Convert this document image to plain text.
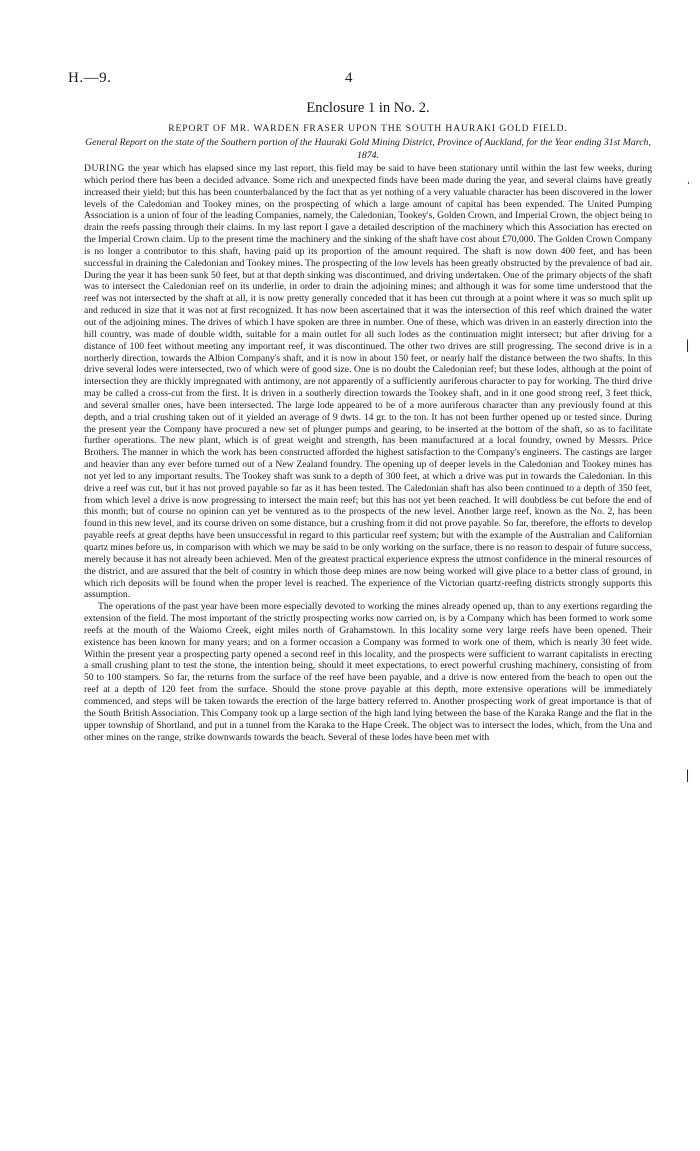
H.—9.	4
Enclosure 1 in No. 2.
REPORT OF MR. WARDEN FRASER UPON THE SOUTH HAURAKI GOLD FIELD.
General Report on the state of the Southern portion of the Hauraki Gold Mining District, Province of Auckland, for the Year ending 31st March, 1874.

DURING the year which has elapsed since my last report, this field may be said to have been stationary until within the last few weeks, during which period there has been a decided advance. Some rich and unexpected finds have been made during the year, and several claims have greatly increased their yield; but this has been counterbalanced by the fact that as yet nothing of a very valuable character has been discovered in the lower levels of the Caledonian and Tookey mines, on the prospecting of which a large amount of capital has been expended. The United Pumping Association is a union of four of the leading Companies, namely, the Caledonian, Tookey's, Golden Crown, and Imperial Crown, the object being to drain the reefs passing through their claims. In my last report I gave a detailed description of the machinery which this Association has erected on the Imperial Crown claim. Up to the present time the machinery and the sinking of the shaft have cost about £70,000. The Golden Crown Company is no longer a contributor to this shaft, having paid up its proportion of the amount required. The shaft is now down 400 feet, and has been successful in draining the Caledonian and Tookey mines. The prospecting of the low levels has been greatly obstructed by the prevalence of bad air. During the year it has been sunk 50 feet, but at that depth sinking was discontinued, and driving undertaken. One of the primary objects of the shaft was to intersect the Caledonian reef on its underlie, in order to drain the adjoining mines; and although it was for some time understood that the reef was not intersected by the shaft at all, it is now pretty generally conceded that it has been cut through at a point where it was so much split up and reduced in size that it was not at first recognized. It has now been ascertained that it was the intersection of this reef which drained the water out of the adjoining mines. The drives of which I have spoken are three in number. One of these, which was driven in an easterly direction into the hill country, was made of double width, suitable for a main outlet for all such lodes as the continuation might intersect; but after driving for a distance of 100 feet without meeting any important reef, it was discontinued. The other two drives are still progressing. The second drive is in a northerly direction, towards the Albion Company's shaft, and it is now in about 150 feet, or nearly half the distance between the two shafts. In this drive several lodes were intersected, two of which were of good size. One is no doubt the Caledonian reef; but these lodes, although at the point of intersection they are thickly impregnated with antimony, are not apparently of a sufficiently auriferous character to pay for working. The third drive may be called a cross-cut from the first. It is driven in a southerly direction towards the Tookey shaft, and in it one good strong reef, 3 feet thick, and several smaller ones, have been intersected. The large lode appeared to be of a more auriferous character than any previously found at this depth, and a trial crushing taken out of it yielded an average of 9 dwts. 14 gr. to the ton. It has not been further opened up or tested since. During the present year the Company have procured a new set of plunger pumps and gearing, to be inserted at the bottom of the shaft, so as to facilitate further operations. The new plant, which is of great weight and strength, has been manufactured at a local foundry, owned by Messrs. Price Brothers. The manner in which the work has been constructed afforded the highest satisfaction to the Company's engineers. The castings are larger and heavier than any ever before turned out of a New Zealand foundry. The opening up of deeper levels in the Caledonian and Tookey mines has not yet led to any important results. The Tookey shaft was sunk to a depth of 300 feet, at which a drive was put in towards the Caledonian. In this drive a reef was cut, but it has not proved payable so far as it has been tested. The Caledonian shaft has also been continued to a depth of 350 feet, from which level a drive is now progressing to intersect the main reef; but this has not yet been reached. It will doubtless be cut before the end of this month; but of course no opinion can yet be ventured as to the prospects of the new level. Another large reef, known as the No. 2, has been found in this new level, and its course driven on some distance, but a crushing from it did not prove payable. So far, therefore, the efforts to develop payable reefs at great depths have been unsuccessful in regard to this particular reef system; but with the example of the Australian and Californian quartz mines before us, in comparison with which we may be said to be only working on the surface, there is no reason to despair of future success, merely because it has not already been achieved. Men of the greatest practical experience express the utmost confidence in the mineral resources of the district, and are assured that the belt of country in which those deep mines are now being worked will give place to a better class of ground, in which rich deposits will be found when the proper level is reached. The experience of the Victorian quartz-reefing districts strongly supports this assumption.

The operations of the past year have been more especially devoted to working the mines already opened up, than to any exertions regarding the extension of the field. The most important of the strictly prospecting works now carried on, is by a Company which has been formed to work some reefs at the mouth of the Waiomo Creek, eight miles north of Grahamstown. In this locality some very large reefs have been opened. Their existence has been known for many years; and on a former occasion a Company was formed to work one of them, which is nearly 30 feet wide. Within the present year a prospecting party opened a second reef in this locality, and the prospects were sufficient to warrant capitalists in erecting a small crushing plant to test the stone, the intention being, should it meet expectations, to erect powerful crushing machinery, consisting of from 50 to 100 stampers. So far, the returns from the surface of the reef have been payable, and a drive is now entered from the beach to open out the reef at a depth of 120 feet from the surface. Should the stone prove payable at this depth, more extensive operations will be immediately commenced, and steps will be taken towards the erection of the large battery referred to. Another prospecting work of great importance is that of the South British Association. This Company took up a large section of the high land lying between the base of the Karaka Range and the flat in the upper township of Shortland, and put in a tunnel from the Karaka to the Hape Creek. The object was to intersect the lodes, which, from the Una and other mines on the range, strike downwards towards the beach. Several of these lodes have been met with

ˌ
|
|
